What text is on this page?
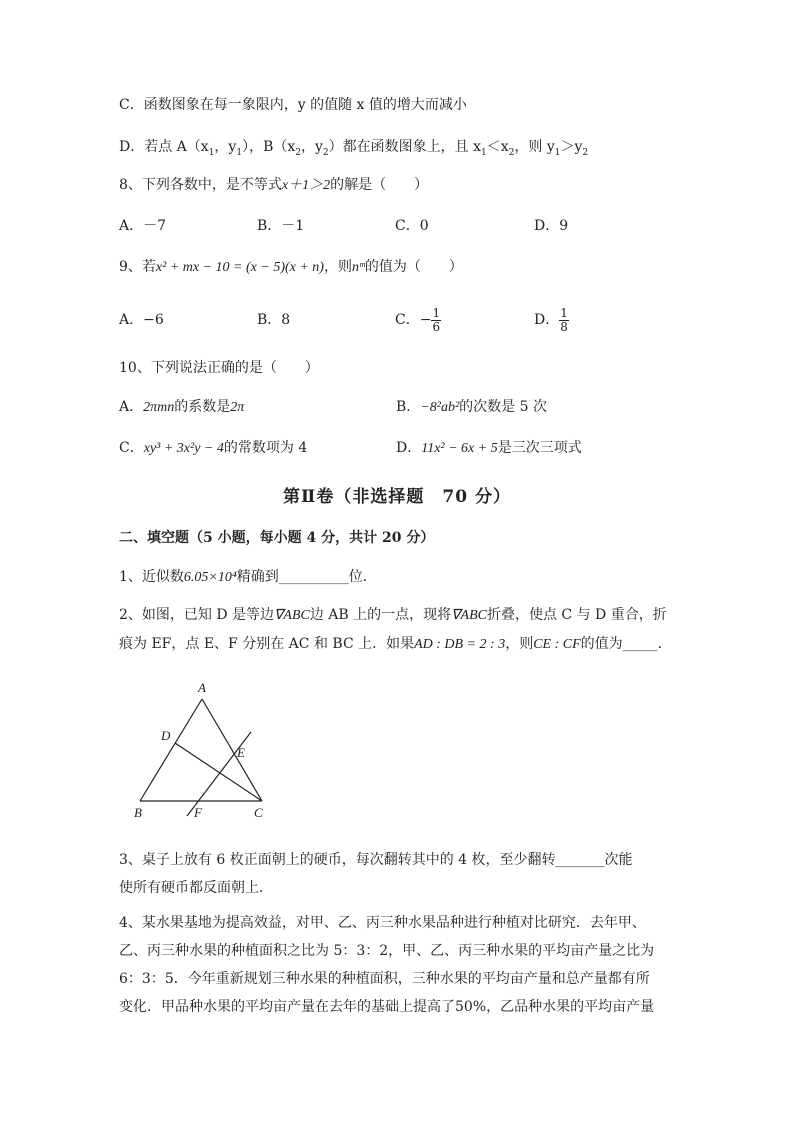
C．函数图象在每一象限内，y 的值随 x 值的增大而减小
D．若点 $A(x_1$，$y_1$），$B(x_2$，$y_2$）都在函数图象上，且 $x_1<x_2$，则 $y_1>y_2$
8、下列各数中，是不等式x＋1＞2的解是（　　）
A．－7	B．－1	C．0	D．9
9、若x² + mx − 10 = (x − 5)(x + n)，则nᵐ的值为（　　）
A．−6	B．8	C．− $\frac{1}{6}$	D． $\frac{1}{8}$
10、下列说法正确的是（　　）
A．2πmn的系数是2π	B．−8²ab²的次数是 5 次
C．xy³ + 3x²y − 4的常数项为 4	D．11x² − 6x + 5是三次三项式
第Ⅱ卷（非选择题　70 分）
二、填空题（5 小题，每小题 4 分，共计 20 分）
1、近似数6.05×10⁴精确到__________位．
2、如图，已知 D 是等边∇ABC边 AB 上的一点，现将∇ABC折叠，使点 C 与 D 重合，折
痕为 EF，点 E、F 分别在 AC 和 BC 上．如果AD : DB = 2 : 3，则CE : CF的值为_____．
A
D
E
B	F	C
3、桌子上放有 6 枚正面朝上的硬币，每次翻转其中的 4 枚，至少翻转_______次能
使所有硬币都反面朝上．
4、某水果基地为提高效益，对甲、乙、丙三种水果品种进行种植对比研究．去年甲、
乙、丙三种水果的种植面积之比为 5：3：2，甲、乙、丙三种水果的平均亩产量之比为
6：3：5．今年重新规划三种水果的种植面积，三种水果的平均亩产量和总产量都有所
变化．甲品种水果的平均亩产量在去年的基础上提高了50%，乙品种水果的平均亩产量
